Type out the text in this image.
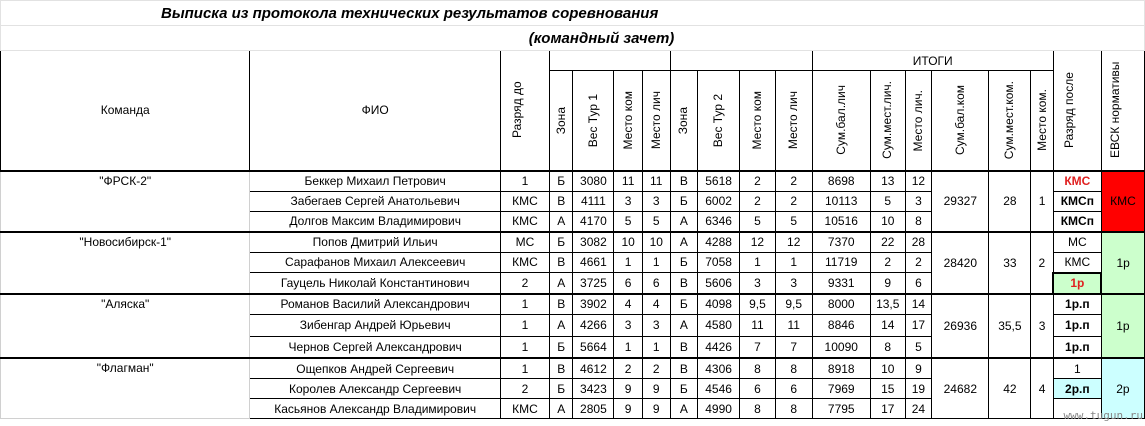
Выписка из протокола технических результатов соревнования																		
(командный зачет)																		
Команда	ФИО	Разряд до									ИТОГИ						Разряд после	ЕВСК нормативы

			Зона	Вес Тур 1	Место ком	Место лич	Зона	Вес Тур 2	Место ком	Место лич	Сум.бал.лич	Сум.мест.лич.	Место лич.	Сум.бал.ком	Сум.мест.ком.	Место ком.		

"ФРСК-2"	Беккер Михаил Петрович	1	Б	3080	11	11	В	5618	2	2	8698	13	12	29327	28	1	КМС	КМС
	Забегаев Сергей Анатольевич	КМС	В	4111	3	3	Б	6002	2	2	10113	5	3				КМСп	
	Долгов Максим Владимирович	КМС	А	4170	5	5	А	6346	5	5	10516	10	8				КМСп	
"Новосибирск-1"	Попов Дмитрий Ильич	МС	Б	3082	10	10	А	4288	12	12	7370	22	28	28420	33	2	МС	1р
	Сарафанов Михаил Алексеевич	КМС	В	4661	1	1	Б	7058	1	1	11719	2	2				КМС	
	Гауцель Николай Константинович	2	А	3725	6	6	В	5606	3	3	9331	9	6				1р	
"Аляска"	Романов Василий Александрович	1	В	3902	4	4	Б	4098	9,5	9,5	8000	13,5	14	26936	35,5	3	1р.п	1р
	Зибенгар Андрей Юрьевич	1	А	4266	3	3	А	4580	11	11	8846	14	17				1р.п	
	Чернов Сергей Александрович	1	Б	5664	1	1	В	4426	7	7	10090	8	5				1р.п	
"Флагман"	Ощепков Андрей Сергеевич	1	В	4612	2	2	В	4306	8	8	8918	10	9	24682	42	4	1	2р
	Королев Александр Сергеевич	2	Б	3423	9	9	Б	4546	6	6	7969	15	19				2р.п	
	Касьянов Александр Владимирович	КМС	А	2805	9	9	А	4990	8	8	7795	17	24						www.tugun.ru
